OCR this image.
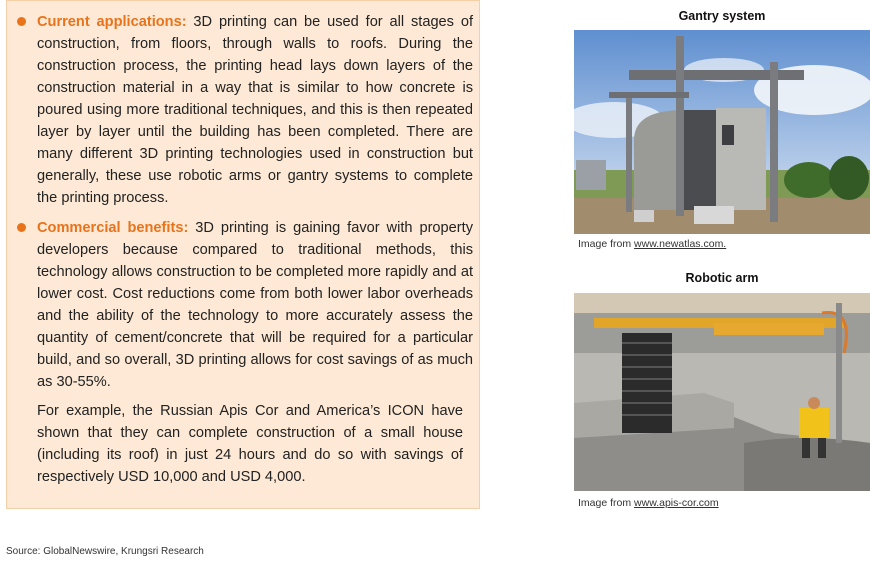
Current applications: 3D printing can be used for all stages of construction, from floors, through walls to roofs. During the construction process, the printing head lays down layers of the construction material in a way that is similar to how concrete is poured using more traditional techniques, and this is then repeated layer by layer until the building has been completed. There are many different 3D printing technologies used in construction but generally, these use robotic arms or gantry systems to complete the printing process.
Commercial benefits: 3D printing is gaining favor with property developers because compared to traditional methods, this technology allows construction to be completed more rapidly and at lower cost. Cost reductions come from both lower labor overheads and the ability of the technology to more accurately assess the quantity of cement/concrete that will be required for a particular build, and so overall, 3D printing allows for cost savings of as much as 30-55%.
For example, the Russian Apis Cor and America’s ICON have shown that they can complete construction of a small house (including its roof) in just 24 hours and do so with savings of respectively USD 10,000 and USD 4,000.
Gantry system
Image from www.newatlas.com.
Robotic arm
Image from www.apis-cor.com
Source: GlobalNewswire, Krungsri Research
